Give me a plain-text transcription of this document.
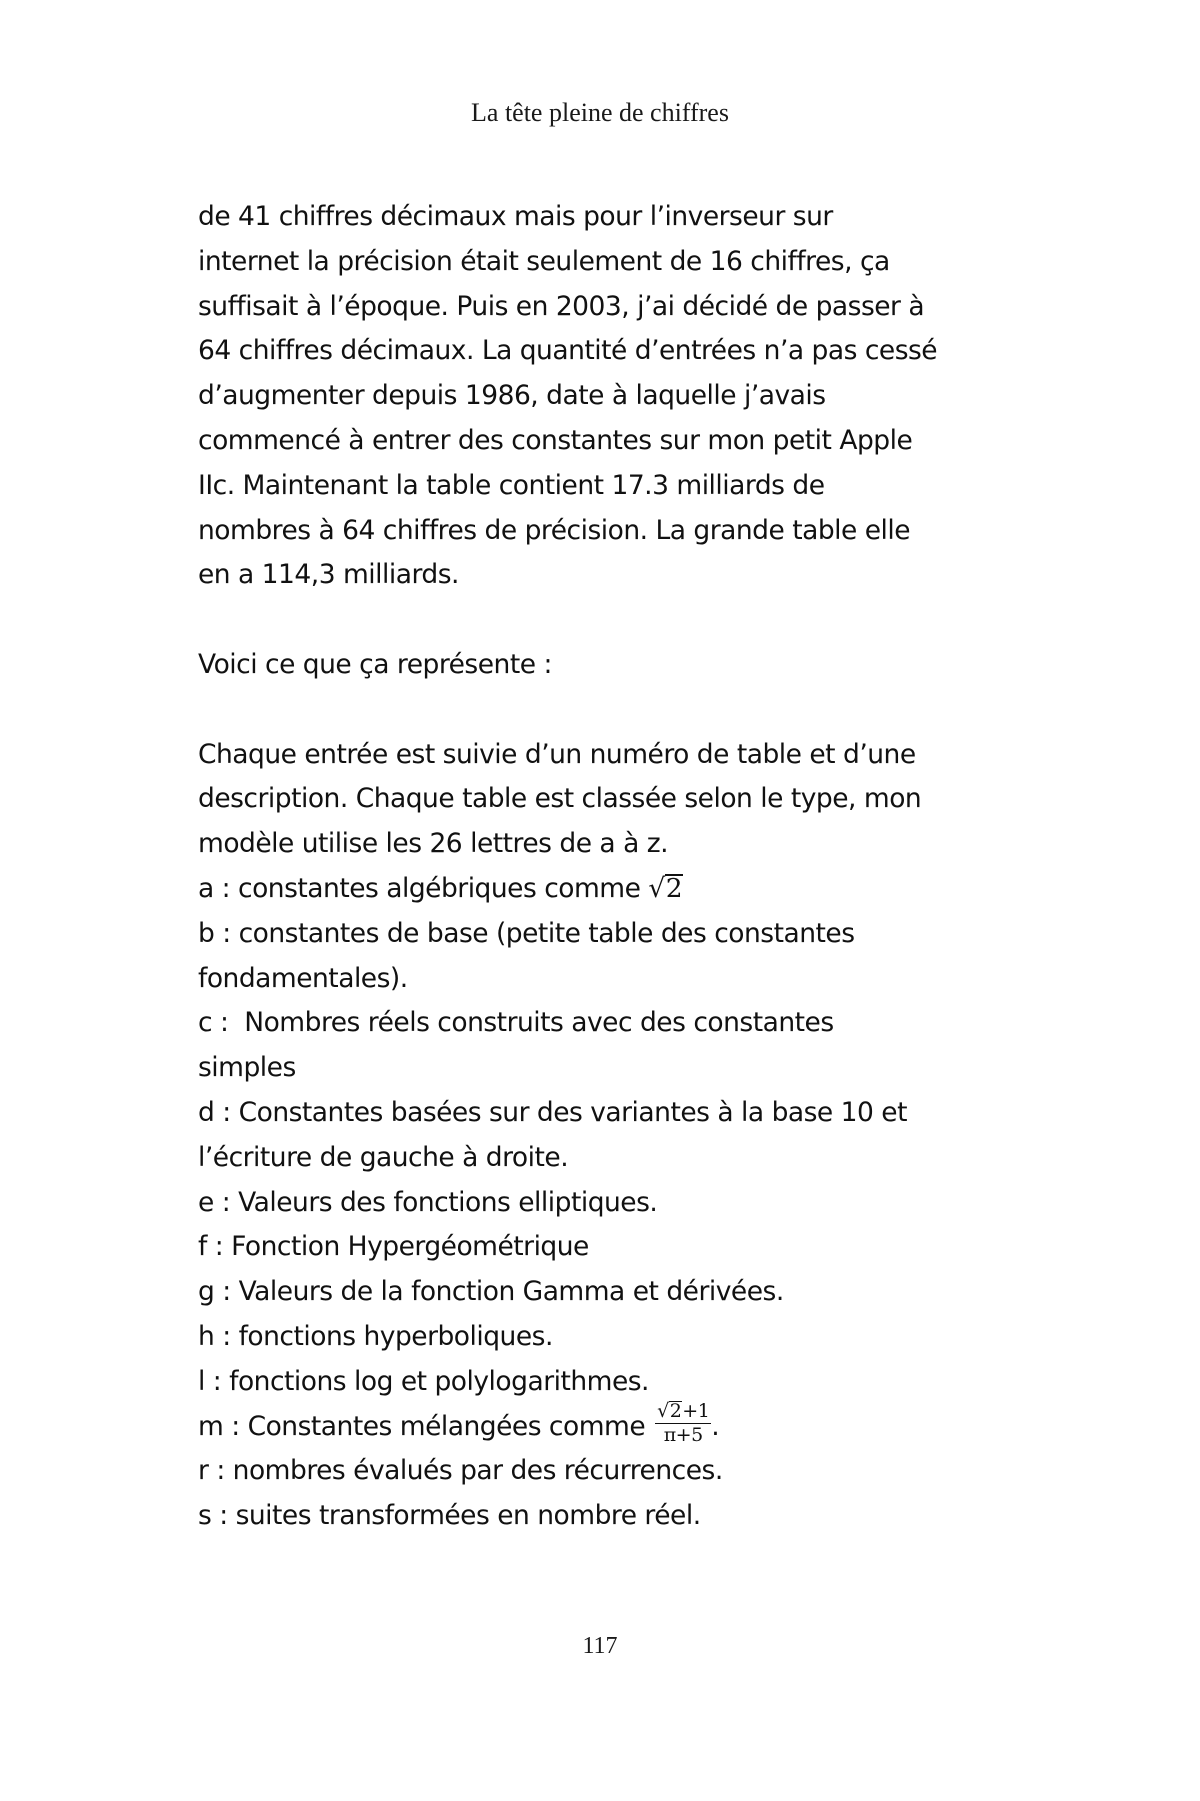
La tête pleine de chiffres

de 41 chiffres décimaux mais pour l’inverseur sur

internet la précision était seulement de 16 chiffres, ça

suffisait à l’époque. Puis en 2003, j’ai décidé de passer à

64 chiffres décimaux. La quantité d’entrées n’a pas cessé

d’augmenter depuis 1986, date à laquelle j’avais

commencé à entrer des constantes sur mon petit Apple

IIc. Maintenant la table contient 17.3 milliards de

nombres à 64 chiffres de précision. La grande table elle

en a 114,3 milliards.

Voici ce que ça représente :

Chaque entrée est suivie d’un numéro de table et d’une

description. Chaque table est classée selon le type, mon

modèle utilise les 26 lettres de a à z.

a : constantes algébriques comme √2

b : constantes de base (petite table des constantes

fondamentales).

c :  Nombres réels construits avec des constantes

simples

d : Constantes basées sur des variantes à la base 10 et

l’écriture de gauche à droite.

e : Valeurs des fonctions elliptiques.

f : Fonction Hypergéométrique

g : Valeurs de la fonction Gamma et dérivées.

h : fonctions hyperboliques.

l : fonctions log et polylogarithmes.

m : Constantes mélangées comme $\frac{√2+1}{\pi+5}$ .

r : nombres évalués par des récurrences.

s : suites transformées en nombre réel.

117
